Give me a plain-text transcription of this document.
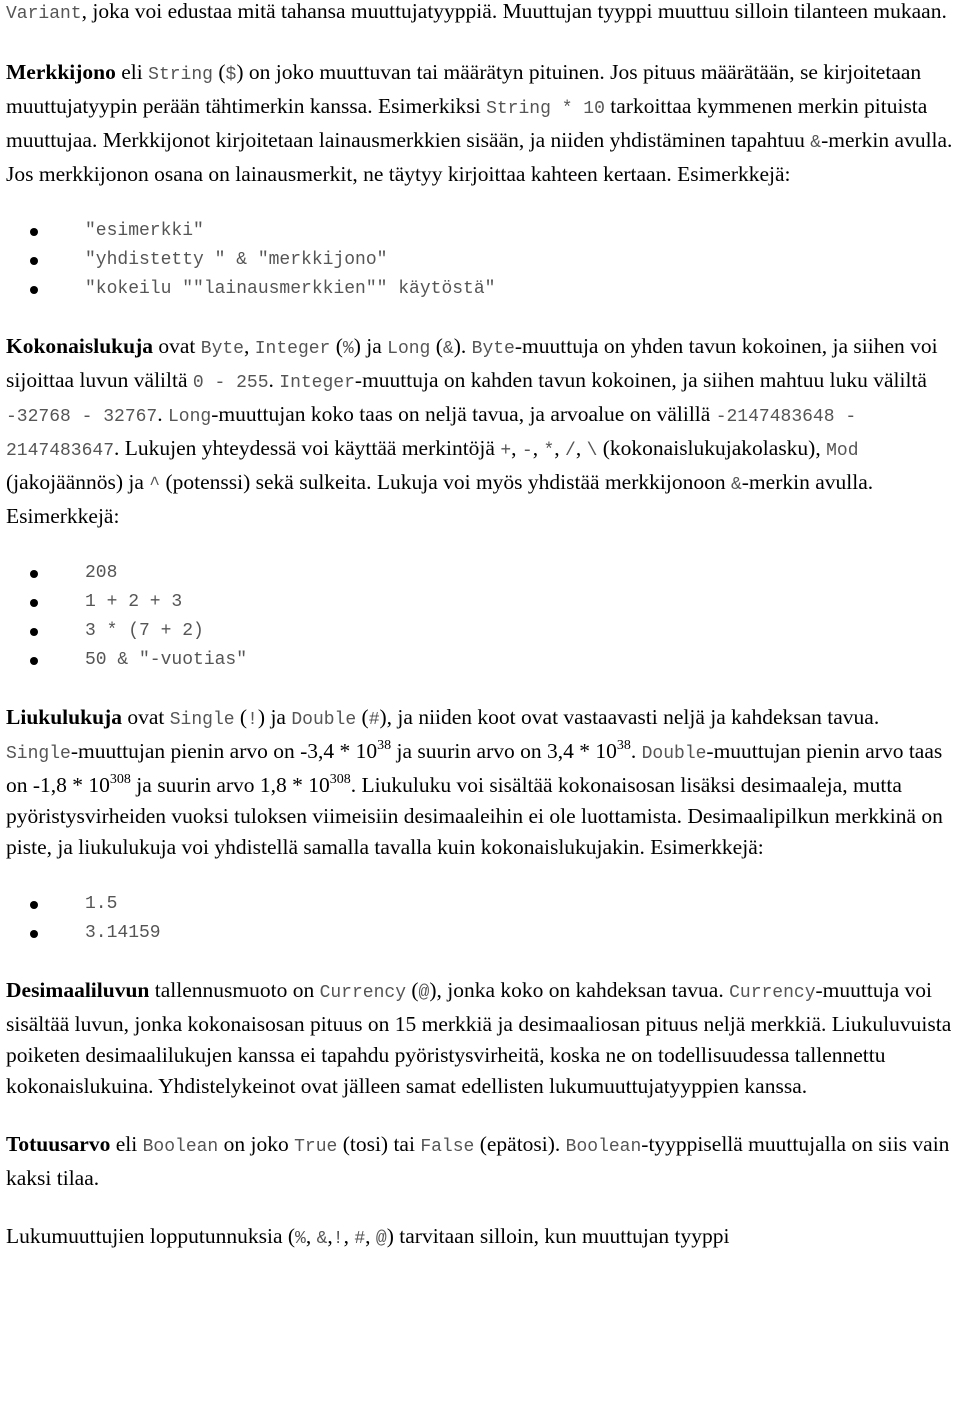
Variant, joka voi edustaa mitä tahansa muuttujatyyppiä. Muuttujan tyyppi muuttuu silloin tilanteen mukaan.

Merkkijono eli String ($) on joko muuttuvan tai määrätyn pituinen. Jos pituus määrätään, se kirjoitetaan muuttujatyypin perään tähtimerkin kanssa. Esimerkiksi String * 10 tarkoittaa kymmenen merkin pituista muuttujaa. Merkkijonot kirjoitetaan lainausmerkkien sisään, ja niiden yhdistäminen tapahtuu &-merkin avulla. Jos merkkijonon osana on lainausmerkit, ne täytyy kirjoittaa kahteen kertaan. Esimerkkejä:

"esimerkki"
"yhdistetty " & "merkkijono"
"kokeilu ""lainausmerkkien"" käytöstä"

Kokonaislukuja ovat Byte, Integer (%) ja Long (&). Byte-muuttuja on yhden tavun kokoinen, ja siihen voi sijoittaa luvun väliltä 0 - 255. Integer-muuttuja on kahden tavun kokoinen, ja siihen mahtuu luku väliltä -32768 - 32767. Long-muuttujan koko taas on neljä tavua, ja arvoalue on välillä -2147483648 - 2147483647. Lukujen yhteydessä voi käyttää merkintöjä +, -, *, /, \ (kokonaislukujakolasku), Mod (jakojäännös) ja ^ (potenssi) sekä sulkeita. Lukuja voi myös yhdistää merkkijonoon &-merkin avulla. Esimerkkejä:

208
1 + 2 + 3
3 * (7 + 2)
50 & "-vuotias"

Liukulukuja ovat Single (!) ja Double (#), ja niiden koot ovat vastaavasti neljä ja kahdeksan tavua. Single-muuttujan pienin arvo on $-3,4 * 10^{38}$ ja suurin arvo on $3,4 * 10^{38}$. Double-muuttujan pienin arvo taas on $-1,8 * 10^{308}$ ja suurin arvo $1,8 * 10^{308}$. Liukuluku voi sisältää kokonaisosan lisäksi desimaaleja, mutta pyöristysvirheiden vuoksi tuloksen viimeisiin desimaaleihin ei ole luottamista. Desimaalipilkun merkkinä on piste, ja liukulukuja voi yhdistellä samalla tavalla kuin kokonaislukujakin. Esimerkkejä:

1.5
3.14159

Desimaaliluvun tallennusmuoto on Currency (@), jonka koko on kahdeksan tavua. Currency-muuttuja voi sisältää luvun, jonka kokonaisosan pituus on 15 merkkiä ja desimaaliosan pituus neljä merkkiä. Liukuluvuista poiketen desimaalilukujen kanssa ei tapahdu pyöristysvirheitä, koska ne on todellisuudessa tallennettu kokonaislukuina. Yhdistelykeinot ovat jälleen samat edellisten lukumuuttujatyyppien kanssa.

Totuusarvo eli Boolean on joko True (tosi) tai False (epätosi). Boolean-tyyppisellä muuttujalla on siis vain kaksi tilaa.

Lukumuuttujien lopputunnuksia (%, &,!, #, @) tarvitaan silloin, kun muuttujan tyyppi
